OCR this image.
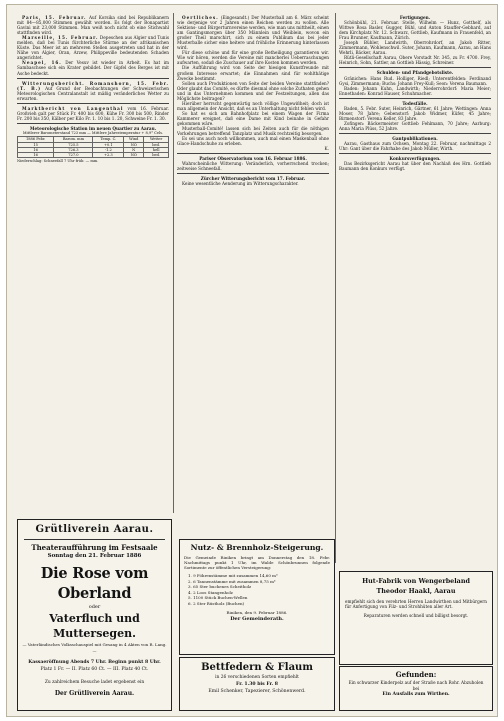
Paris, 15. Februar. Auf Korsika sind bei Republikanern mit 84—85,000 Stimmen gewählt worden. Es folgt der Bonapartist Gavini mit 23,000 Stimmen. Man weiß noch nicht ob eine Stichwahl stattfinden wird.

Marseille, 15. Februar. Depeschen aus Algier und Tunis melden, daß bei Tunis fürchterliche Stürme an der afrikanischen Küste. Das Meer ist an mehreren Stellen ausgetreten und hat in der Nähe von Algier, Oran, Arzew, Philippeville bedeutenden Schaden angerichtet.

Neapel, 16. Der Vesuv ist wieder in Arbeit. Es hat im Sambaschsee sich ein Krater gebildet. Der Gipfel des Berges ist mit Asche bedeckt.

Witterungsbericht. Romanshorn, 15. Febr. (T. B.) Auf Grund der Beobachtungen der Schweizerischen Meteorologischen Centralanstalt ist mäßig veränderliches Wetter zu erwarten.

Marktbericht von Langenthal vom 16. Februar. Großvieh galt per Stück Fr. 400 bis 600, Kühe Fr. 300 bis 500, Rinder Fr. 200 bis 350, Kälber per Kilo Fr. 1. 10 bis 1. 20, Schweine Fr. 1. 30.

Meteorologische Station im neuen Quartier zu Aarau.
Mittlerer Barometerstand 723 mm — Mittlere Jahrestemperatur + 8,9° Cels.
1886 Febr.	Barom. mm	Temp. C.	Wind	Wetter
15	725.5	+0.1	NO	bed.
16	726.3	-1.2	N	hell
16	727.0	+2.3	NO	bed.
Niederschlag: Schneefall 7 Uhr früh: — mm.

Oertliches. (Eingesandt.) Der Musterball am 6. März scheint wie derjenige vor 2 Jahren einen Reichen werden zu wollen. Alle Sektions- und Bürgerturnvereine werden, wie man uns mittheilt, einen am Gantingsmorgen über 350 Männlein und Weiblein, wovon ein großer Theil marschirt, sich zu einem Publikum das bei jeder Musterballe sicher eine heitere und fröhliche Erinnerung hinterlassen wird.

Für diese schöne und für eine große Betheiligung garantieren wir. Wie wir hören, werden die Vereine mit mancherlei Ueberraschungen aufwarten, sodaß die Zuschauer auf ihre Kosten kommen werden.

Die Aufführung wird von Seite der hiesigen Kunstfreunde mit großem Interesse erwartet; die Einnahmen sind für wohlthätige Zwecke bestimmt.

Sollen auch Produktionen von Seite der beiden Vereine stattfinden? Oder glaubt das Comité, es dürfte diesmal ohne solche Zuthaten gehen und in das Unternehmen kommen und der Festzeitungen, allen das Möglichste beitragen?

Hierüber herrscht gegenwärtig noch völlige Ungewißheit; doch ist man allgemein der Ansicht, daß es an Unterhaltung nicht fehlen wird.

So hat es sich am Bahnhofplatz bei einem Wagen der Firma Kammerer ereignet, daß eine Dame mit Kind beinahe in Gefahr gekommen wäre.

Musterball-Comité! lassen sich bei Zeiten auch für die nöthigen Vorkehrungen betreffend Tanzplatz und Musik rechtzeitig besorgen.

Es sei uns auch noch willkommen, auch mal einen Maskenball ohne Glace-Handschuhe zu erleben.

K.
Pariser Observatorium vom 16. Februar 1886.

Wahrscheinliche Witterung: Veränderlich, vorherrschend trocken; zeitweise Schneefall.

Zürcher Witterungsbericht vom 17. Februar.

Keine wesentliche Aenderung im Witterungscharakter.

Fertigungen.

Schönbühl, 21. Februar. Stelle, Wilhelm — Hunz, Gotthelf, als Wittwe Rosa Basler, Gugger, Bühl, und Anton Stauffer-Gebhard, auf dem Kirchplatz Nr. 12. Schwarz, Gottlieb, Kaufmann in Frauenfeld, an Frau Brunner, Kaufmann, Zürich.

Joseph Bühler, Landwirth, Oberrohrdorf, an Jakob Ritter, Zimmermann, Wohlenschwil. Suter, Johann, Kaufmann, Aarau, an Hans Wehrli, Bäcker, Aarau.

Rütli-Gesellschaft Aarau, Obere Vorstadt Nr. 345, zu Fr. 4700. Frey, Heinrich, Sohn, Sattler, an Gottlieb Hässig, Schreiner.

Schulden- und Pfandgebotsliste.

Gränichen: Hans Rud. Holliger, Riedl; Unterentfelden: Ferdinand Gysi, Zimmermann; Buchs: Johann Frey-Kull; Seon: Verena Baumann.

Baden: Johann Kuhn, Landwirth; Niederrohrdorf: Maria Meier; Ennetbaden: Konrad Hauser, Schuhmacher.

Todesfälle.

Baden, 5. Febr. Suter, Heinrich, Gärtner, 61 Jahre; Wettingen: Anna Moser, 78 Jahre; Gebenstorf: Jakob Widmer, Küfer, 45 Jahre; Birmenstorf: Verena Keller, 83 Jahre.

Zofingen: Bäckermeister Gottlieb Fehlmann, 70 Jahre; Aarburg: Anna Maria Plüss, 52 Jahre.

Gantpublikationen.

Aarau, Gasthaus zum Ochsen, Montag 22. Februar, nachmittags 2 Uhr: Gant über die Fahrhabe des Jakob Müller, Wirth.

Konkursverfügungen.

Das Bezirksgericht Aarau hat über den Nachlaß des Hrn. Gottlieb Baumann den Konkurs verfügt.

Grütliverein Aarau.
Theateraufführung im Festsaale
Sonntag den 21. Februar 1886
Die Rose vom Oberland
oder
Vaterfluch und Muttersegen.
— Vaterländisches Volksschauspiel mit Gesang in 4 Akten von R. Lang. —
Kassaeröffnung Abends 7 Uhr. Beginn punkt 8 Uhr.
Platz 1 Fr. — II. Platz 60 Ct. — III. Platz 40 Ct.
Zu zahlreichem Besuche ladet ergebenst ein
Der Grütliverein Aarau.
Nutz- & Brennholz-Steigerung.
Die Gemeinde Riniken bringt am Donnerstag den 18. Febr. Nachmittags punkt 1 Uhr, im Walde Schönbrunnen folgende Sortimente zur öffentlichen Versteigerung:
1. 9 Föhrenstämme mit zusammen 14,60 m³
2. 6 Tannenstämme mit zusammen 8,75 m³
3. 65 Ster buchenes Scheitholz
4. 2 Loos Stangenholz
5. 1100 Stück Buchen-Wellen
6. 2 Ster Rüstholz (Buchen)
Riniken, den 9. Februar 1886.
Der Gemeinderath.
Bettfedern & Flaum
in 26 verschiedenen Sorten empfiehlt
Fr. 1.30 bis Fr. 8
Emil Schenker, Tapezierer, Schönenwerd.
Hut-Fabrik von Wengerbeland
Theodor Haakl, Aarau
empfiehlt sich den verehrten Herren Landwirthen und Mitbürgern für Anfertigung von Filz- und Strohhüten aller Art.
Reparaturen werden schnell und billigst besorgt.
Gefunden:
Ein schwarzer Kinderpelz auf der Straße nach Rohr. Abzuholen bei
Ein Ausfalls zum Wirthen.
